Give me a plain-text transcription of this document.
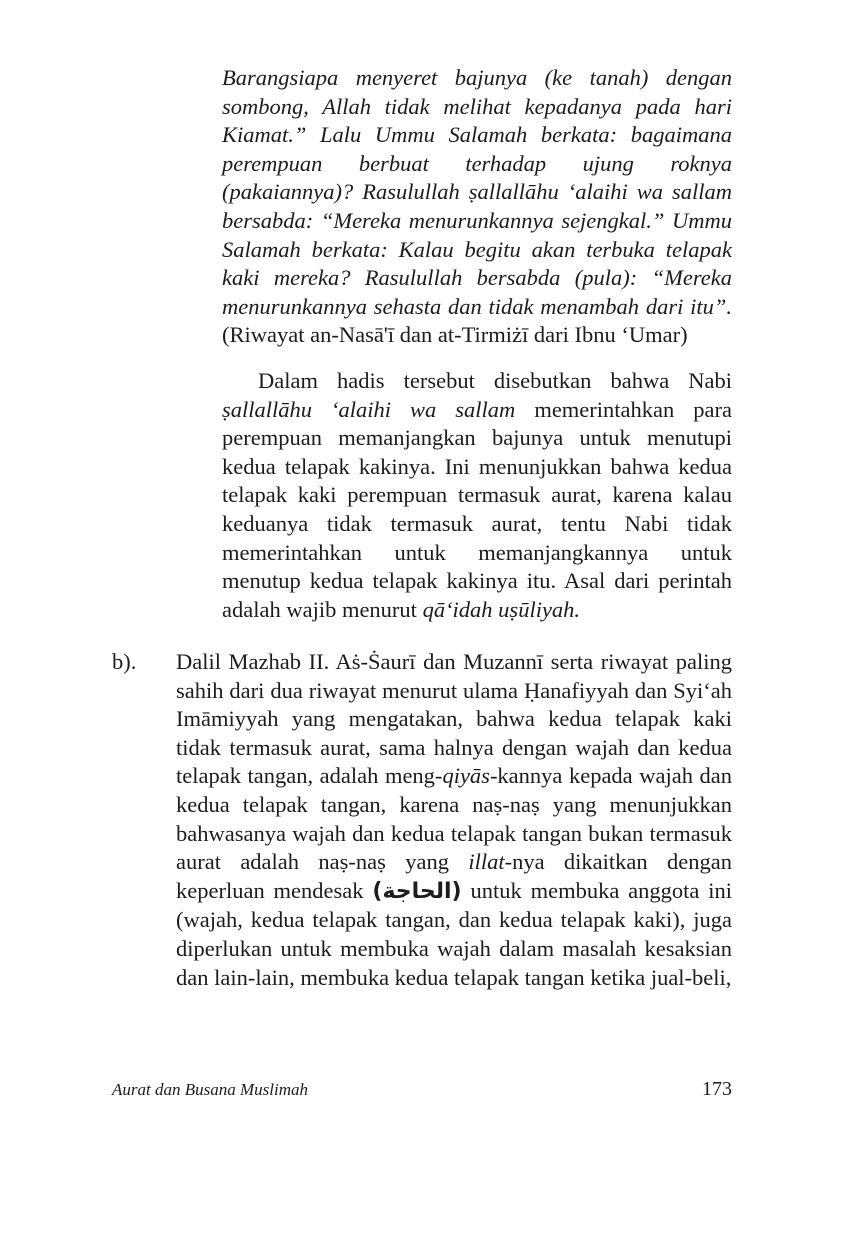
Barangsiapa menyeret bajunya (ke tanah) dengan sombong, Allah tidak melihat kepadanya pada hari Kiamat.” Lalu Ummu Salamah berkata: bagaimana perempuan berbuat terhadap ujung roknya (pakaiannya)? Rasulullah ṣallallāhu ‘alaihi wa sallam bersabda: “Mereka menurunkannya sejengkal.” Ummu Salamah berkata: Kalau begitu akan terbuka telapak kaki mereka? Rasulullah bersabda (pula): “Mereka menurunkannya sehasta dan tidak menambah dari itu”. (Riwayat an-Nasā'ī dan at-Tirmiżī dari Ibnu ‘Umar)
Dalam hadis tersebut disebutkan bahwa Nabi ṣallallāhu ‘alaihi wa sallam memerintahkan para perempuan memanjangkan bajunya untuk menutupi kedua telapak kakinya. Ini menunjukkan bahwa kedua telapak kaki perempuan termasuk aurat, karena kalau keduanya tidak termasuk aurat, tentu Nabi tidak memerintahkan untuk memanjangkannya untuk menutup kedua telapak kakinya itu. Asal dari perintah adalah wajib menurut qā‘idah uṣūliyah.
b). Dalil Mazhab II. Aṡ-Ṡaurī dan Muzannī serta riwayat paling sahih dari dua riwayat menurut ulama Ḥanafiyyah dan Syi‘ah Imāmiyyah yang mengatakan, bahwa kedua telapak kaki tidak termasuk aurat, sama halnya dengan wajah dan kedua telapak tangan, adalah meng-qiyās-kannya kepada wajah dan kedua telapak tangan, karena naṣ-naṣ yang menunjukkan bahwasanya wajah dan kedua telapak tangan bukan termasuk aurat adalah naṣ-naṣ yang illat-nya dikaitkan dengan keperluan mendesak (ﺍﻟﺤﺎﺟﺔ) untuk membuka anggota ini (wajah, kedua telapak tangan, dan kedua telapak kaki), juga diperlukan untuk membuka wajah dalam masalah kesaksian dan lain-lain, membuka kedua telapak tangan ketika jual-beli,
Aurat dan Busana Muslimah	173
